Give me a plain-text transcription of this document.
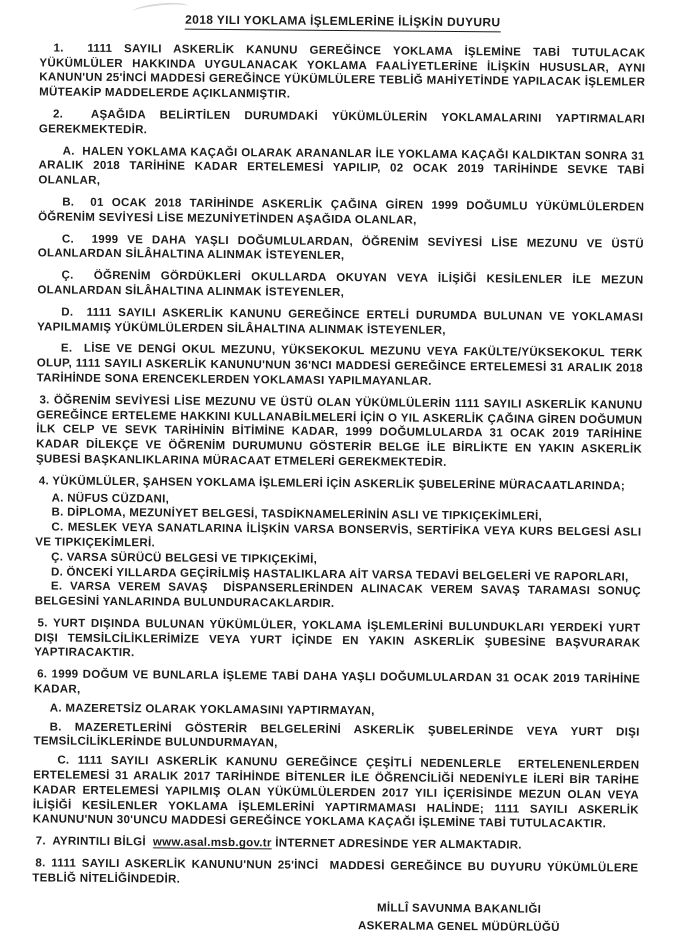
2018 YILI YOKLAMA İŞLEMLERİNE İLİŞKİN DUYURU

1.  1111 SAYILI ASKERLİK KANUNU GEREĞİNCE YOKLAMA İŞLEMİNE TABİ TUTULACAK YÜKÜMLÜLER HAKKINDA UYGULANACAK YOKLAMA FAALİYETLERİNE İLİŞKİN HUSUSLAR, AYNI KANUN'UN 25'İNCİ MADDESİ GEREĞİNCE YÜKÜMLÜLERE TEBLİĞ MAHİYETİNDE YAPILACAK İŞLEMLER MÜTEAKİP MADDELERDE AÇIKLANMIŞTIR.

2.  AŞAĞIDA BELİRTİLEN DURUMDAKİ YÜKÜMLÜLERİN YOKLAMALARINI YAPTIRMALARI GEREKMEKTEDİR.

A.  HALEN YOKLAMA KAÇAĞI OLARAK ARANANLAR İLE YOKLAMA KAÇAĞI KALDIKTAN SONRA 31 ARALIK 2018 TARİHİNE KADAR ERTELEMESİ YAPILIP, 02 OCAK 2019 TARİHİNDE SEVKE TABİ OLANLAR,

B.  01 OCAK 2018 TARİHİNDE ASKERLİK ÇAĞINA GİREN 1999 DOĞUMLU YÜKÜMLÜLERDEN ÖĞRENİM SEVİYESİ LİSE MEZUNİYETİNDEN AŞAĞIDA OLANLAR,

C.  1999 VE DAHA YAŞLI DOĞUMLULARDAN, ÖĞRENİM SEVİYESİ LİSE MEZUNU VE ÜSTÜ OLANLARDAN SİLÂHALTINA ALINMAK İSTEYENLER,

Ç.  ÖĞRENİM GÖRDÜKLERİ OKULLARDA OKUYAN VEYA İLİŞİĞİ KESİLENLER İLE MEZUN OLANLARDAN SİLÂHALTINA ALINMAK İSTEYENLER,

D.  1111 SAYILI ASKERLİK KANUNU GEREĞİNCE ERTELİ DURUMDA BULUNAN VE YOKLAMASI YAPILMAMIŞ YÜKÜMLÜLERDEN SİLÂHALTINA ALINMAK İSTEYENLER,

E.  LİSE VE DENGİ OKUL MEZUNU, YÜKSEKOKUL MEZUNU VEYA FAKÜLTE/YÜKSEKOKUL TERK OLUP, 1111 SAYILI ASKERLİK KANUNU'NUN 36'NCI MADDESİ GEREĞİNCE ERTELEMESİ 31 ARALIK 2018 TARİHİNDE SONA ERENCEKLERDEN YOKLAMASI YAPILMAYANLAR.

3. ÖĞRENİM SEVİYESİ LİSE MEZUNU VE ÜSTÜ OLAN YÜKÜMLÜLERİN 1111 SAYILI ASKERLİK KANUNU GEREĞİNCE ERTELEME HAKKINI KULLANABİLMELERİ İÇİN O YIL ASKERLİK ÇAĞINA GİREN DOĞUMUN İLK CELP VE SEVK TARİHİNİN BİTİMİNE KADAR, 1999 DOĞUMLULARDA 31 OCAK 2019 TARİHİNE KADAR DİLEKÇE VE ÖĞRENİM DURUMUNU GÖSTERİR BELGE İLE BİRLİKTE EN YAKIN ASKERLİK ŞUBESİ BAŞKANLIKLARINA MÜRACAAT ETMELERİ GEREKMEKTEDİR.

4. YÜKÜMLÜLER, ŞAHSEN YOKLAMA İŞLEMLERİ İÇİN ASKERLİK ŞUBELERİNE MÜRACAATLARINDA;

A. NÜFUS CÜZDANI,

B. DİPLOMA, MEZUNİYET BELGESİ, TASDİKNAMELERİNİN ASLI VE TIPKIÇEKİMLERİ,

C. MESLEK VEYA SANATLARINA İLİŞKİN VARSA BONSERVİS, SERTİFİKA VEYA KURS BELGESİ ASLI VE TIPKIÇEKİMLERİ.

Ç. VARSA SÜRÜCÜ BELGESİ VE TIPKIÇEKİMİ,

D. ÖNCEKİ YILLARDA GEÇİRİLMİŞ HASTALIKLARA AİT VARSA TEDAVİ BELGELERİ VE RAPORLARI,

E. VARSA VEREM SAVAŞ  DİSPANSERLERİNDEN ALINACAK VEREM SAVAŞ TARAMASI SONUÇ BELGESİNİ YANLARINDA BULUNDURACAKLARDIR.

5. YURT DIŞINDA BULUNAN YÜKÜMLÜLER, YOKLAMA İŞLEMLERİNİ BULUNDUKLARI YERDEKİ YURT DIŞI TEMSİLCİLİKLERİMİZE VEYA YURT İÇİNDE EN YAKIN ASKERLİK ŞUBESİNE BAŞVURARAK YAPTIRACAKTIR.

6. 1999 DOĞUM VE BUNLARLA İŞLEME TABİ DAHA YAŞLI DOĞUMLULARDAN 31 OCAK 2019 TARİHİNE KADAR,

A. MAZERETSİZ OLARAK YOKLAMASINI YAPTIRMAYAN,

B. MAZERETLERİNİ GÖSTERİR BELGELERİNİ ASKERLİK ŞUBELERİNDE VEYA YURT DIŞI TEMSİLCİLİKLERİNDE BULUNDURMAYAN,

C. 1111 SAYILI ASKERLİK KANUNU GEREĞİNCE ÇEŞİTLİ NEDENLERLE  ERTELENENLERDEN ERTELEMESİ 31 ARALIK 2017 TARİHİNDE BİTENLER İLE ÖĞRENCİLİĞİ NEDENİYLE İLERİ BİR TARİHE KADAR ERTELEMESİ YAPILMIŞ OLAN YÜKÜMLÜLERDEN 2017 YILI İÇERİSİNDE MEZUN OLAN VEYA İLİŞİĞİ KESİLENLER YOKLAMA İŞLEMLERİNİ YAPTIRMAMASI HALİNDE; 1111 SAYILI ASKERLİK KANUNU'NUN 30'UNCU MADDESİ GEREĞİNCE YOKLAMA KAÇAĞI İŞLEMİNE TABİ TUTULACAKTIR.

7.  AYRINTILI BİLGİ  www.asal.msb.gov.tr İNTERNET ADRESİNDE YER ALMAKTADIR.

8. 1111 SAYILI ASKERLİK KANUNU'NUN 25'İNCİ  MADDESİ GEREĞİNCE BU DUYURU YÜKÜMLÜLERE TEBLİĞ NİTELİĞİNDEDİR.

MİLLÎ SAVUNMA BAKANLIĞI

ASKERALMA GENEL MÜDÜRLÜĞÜ
